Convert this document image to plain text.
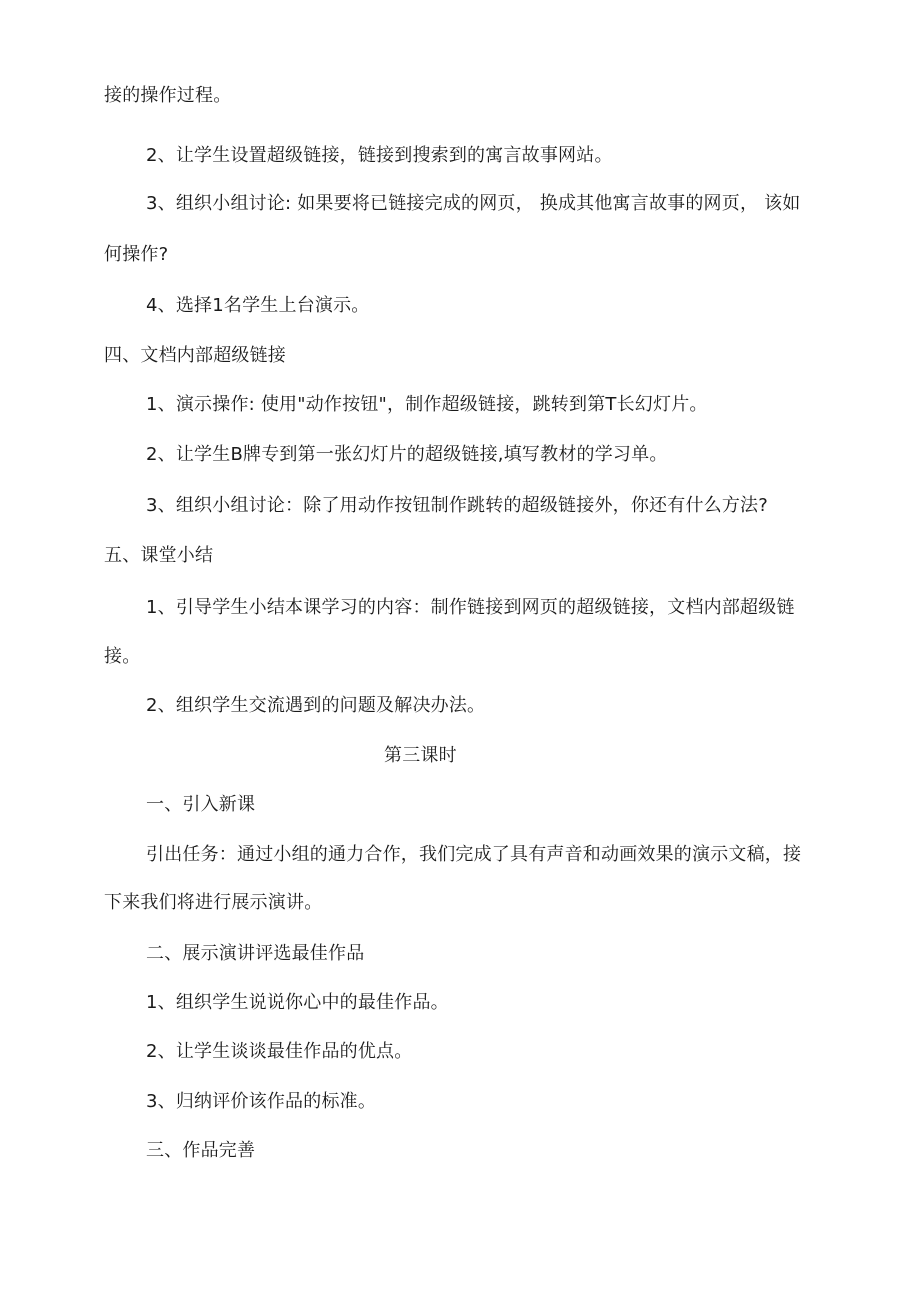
接的操作过程。
2、让学生设置超级链接，链接到搜索到的寓言故事网站。
3、组织小组讨论: 如果要将已链接完成的网页， 换成其他寓言故事的网页， 该如
何操作?
4、选择1名学生上台演示。
四、文档内部超级链接
1、演示操作: 使用"动作按钮"，制作超级链接，跳转到第T长幻灯片。
2、让学生B牌专到第一张幻灯片的超级链接,填写教材的学习单。
3、组织小组讨论：除了用动作按钮制作跳转的超级链接外，你还有什么方法?
五、课堂小结
1、引导学生小结本课学习的内容：制作链接到网页的超级链接，文档内部超级链
接。
2、组织学生交流遇到的问题及解决办法。
第三课时
一、引入新课
引出任务：通过小组的通力合作，我们完成了具有声音和动画效果的演示文稿，接
下来我们将进行展示演讲。
二、展示演讲评选最佳作品
1、组织学生说说你心中的最佳作品。
2、让学生谈谈最佳作品的优点。
3、归纳评价该作品的标准。
三、作品完善
